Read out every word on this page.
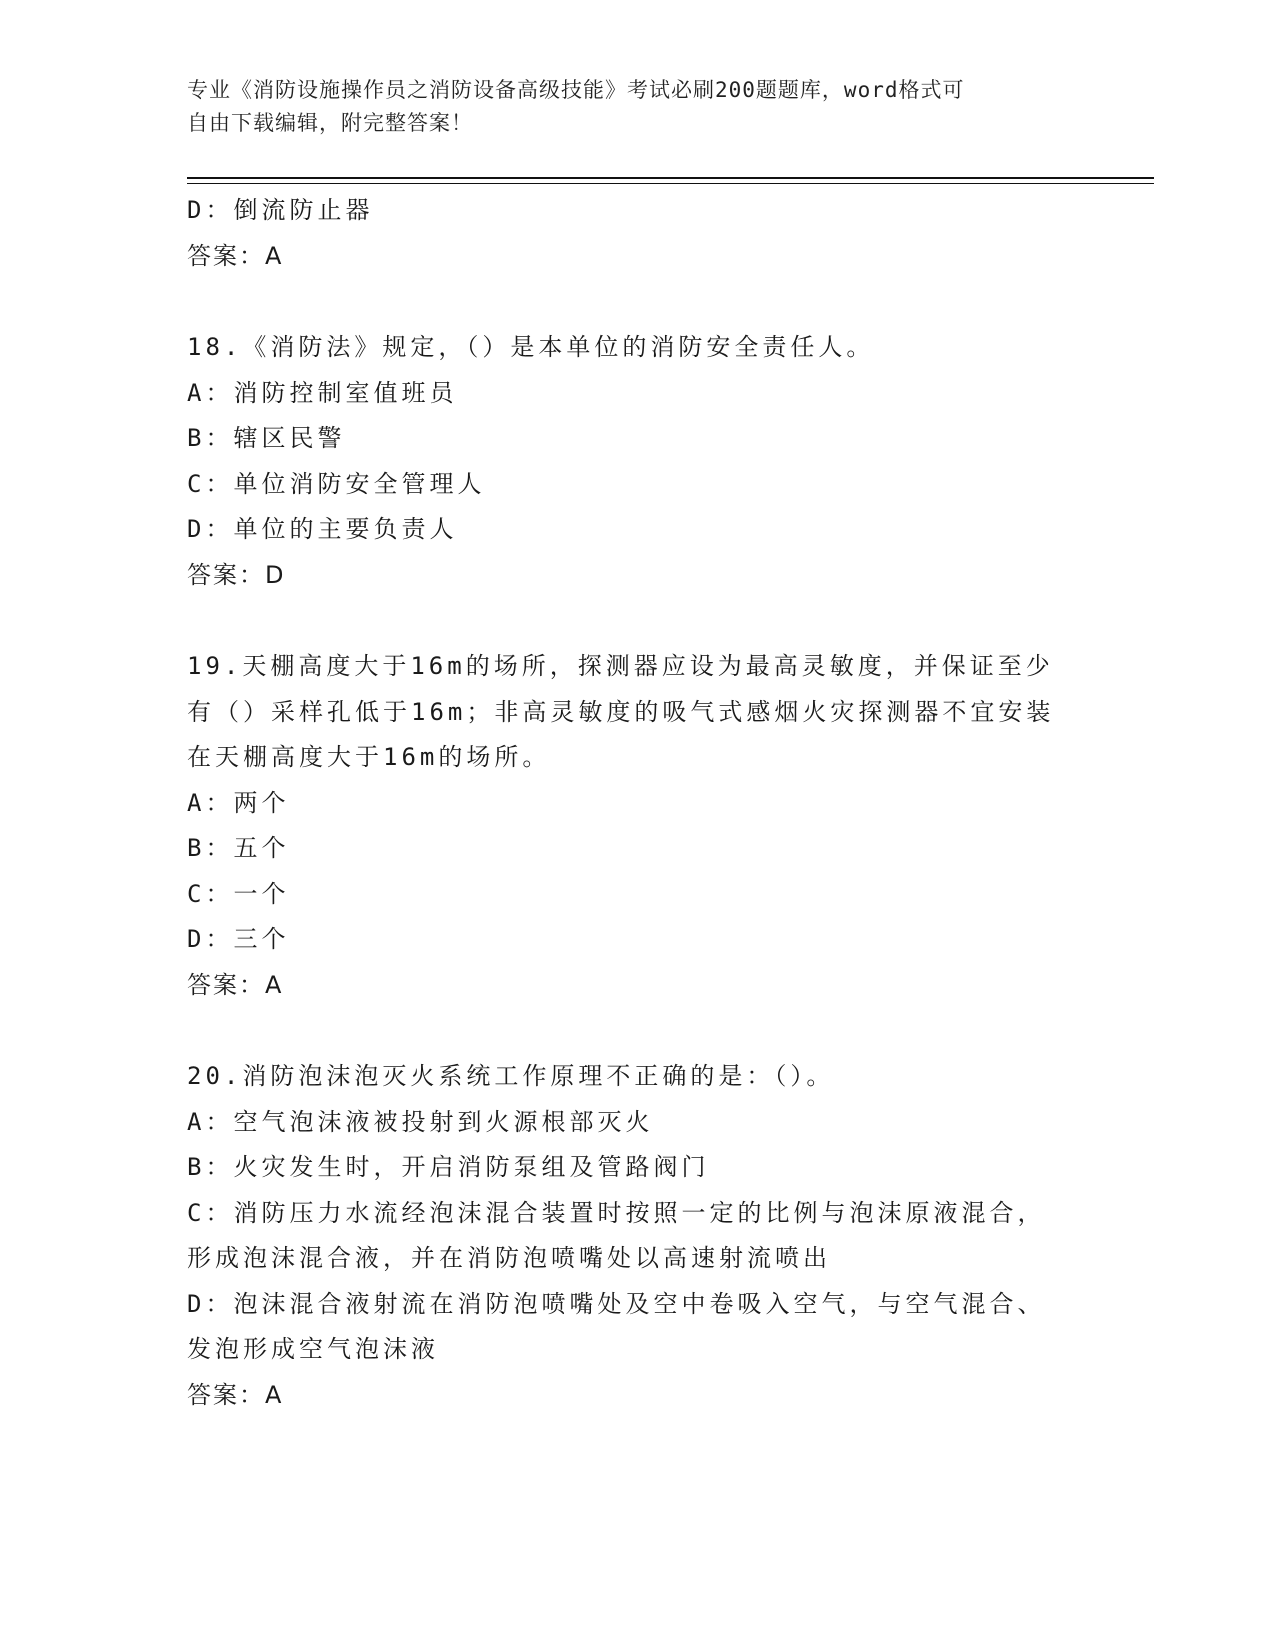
专业《消防设施操作员之消防设备高级技能》考试必刷200题题库，word格式可
自由下载编辑，附完整答案！
D：倒流防止器
答案：A
18.《消防法》规定，（）是本单位的消防安全责任人。
A：消防控制室值班员
B：辖区民警
C：单位消防安全管理人
D：单位的主要负责人
答案：D
19.天棚高度大于16m的场所，探测器应设为最高灵敏度，并保证至少
有（）采样孔低于16m；非高灵敏度的吸气式感烟火灾探测器不宜安装
在天棚高度大于16m的场所。
A：两个
B：五个
C：一个
D：三个
答案：A
20.消防泡沫泡灭火系统工作原理不正确的是：（）。
A：空气泡沫液被投射到火源根部灭火
B：火灾发生时，开启消防泵组及管路阀门
C：消防压力水流经泡沫混合装置时按照一定的比例与泡沫原液混合，
形成泡沫混合液，并在消防泡喷嘴处以高速射流喷出
D：泡沫混合液射流在消防泡喷嘴处及空中卷吸入空气，与空气混合、
发泡形成空气泡沫液
答案：A
